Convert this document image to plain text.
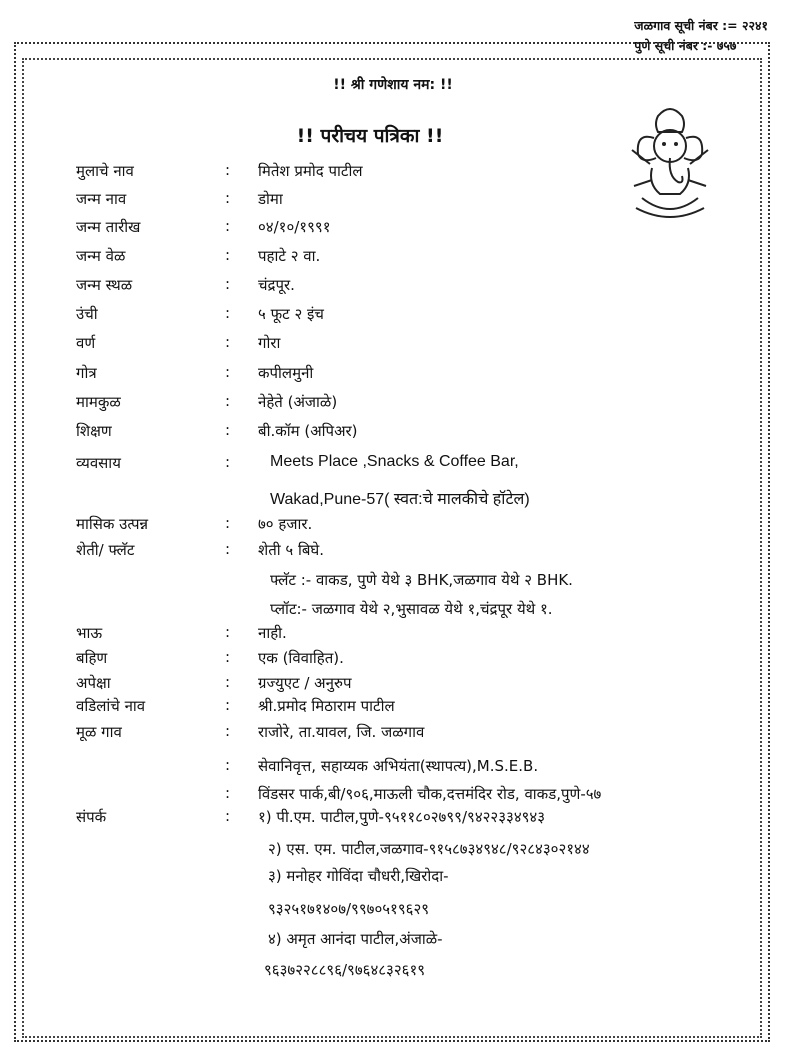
जळगाव सूची नंबर := २२४१
पुणे सूची नंबर :- ७५७
!! श्री गणेशाय नम: !!
!! परीचय पत्रिका !!
मुलाचे नाव	: मितेश प्रमोद पाटील
जन्म नाव	: डोमा
जन्म तारीख	: ०४/१०/१९९१
जन्म वेळ	: पहाटे २ वा.
जन्म स्थळ	: चंद्रपूर.
उंची	: ५ फूट २ इंच
वर्ण	: गोरा
गोत्र	: कपीलमुनी
मामकुळ	: नेहेते (अंजाळे)
शिक्षण	: बी.कॉम (अपिअर)
व्यवसाय	: Meets Place ,Snacks & Coffee Bar,
Wakad,Pune-57( स्वत:चे मालकीचे हॉटेल)
मासिक उत्पन्न	: ७० हजार.
शेती/ फ्लॅट	: शेती ५ बिघे.
फ्लॅट :- वाकड, पुणे येथे ३ BHK,जळगाव येथे २ BHK.
प्लॉट:- जळगाव येथे २,भुसावळ येथे १,चंद्रपूर येथे १.
भाऊ	: नाही.
बहिण	: एक (विवाहित).
अपेक्षा	: ग्रज्युएट / अनुरुप
वडिलांचे नाव	: श्री.प्रमोद मिठाराम पाटील
मूळ गाव	: राजोरे, ता.यावल, जि. जळगाव
: सेवानिवृत्त, सहाय्यक अभियंता(स्थापत्य),M.S.E.B.
: विंडसर पार्क,बी/९०६,माऊली चौक,दत्तमंदिर रोड, वाकड,पुणे-५७
संपर्क	: १) पी.एम. पाटील,पुणे-९५११८०२७९९/९४२२३३४९४३
२) एस. एम. पाटील,जळगाव-९१५८७३४९४८/९२८४३०२१४४
३) मनोहर गोविंदा चौधरी,खिरोदा-
९३२५१७१४०७/९९७०५१९६२९
४) अमृत आनंदा पाटील,अंजाळे-
९६३७२२८८९६/९७६४८३२६१९
